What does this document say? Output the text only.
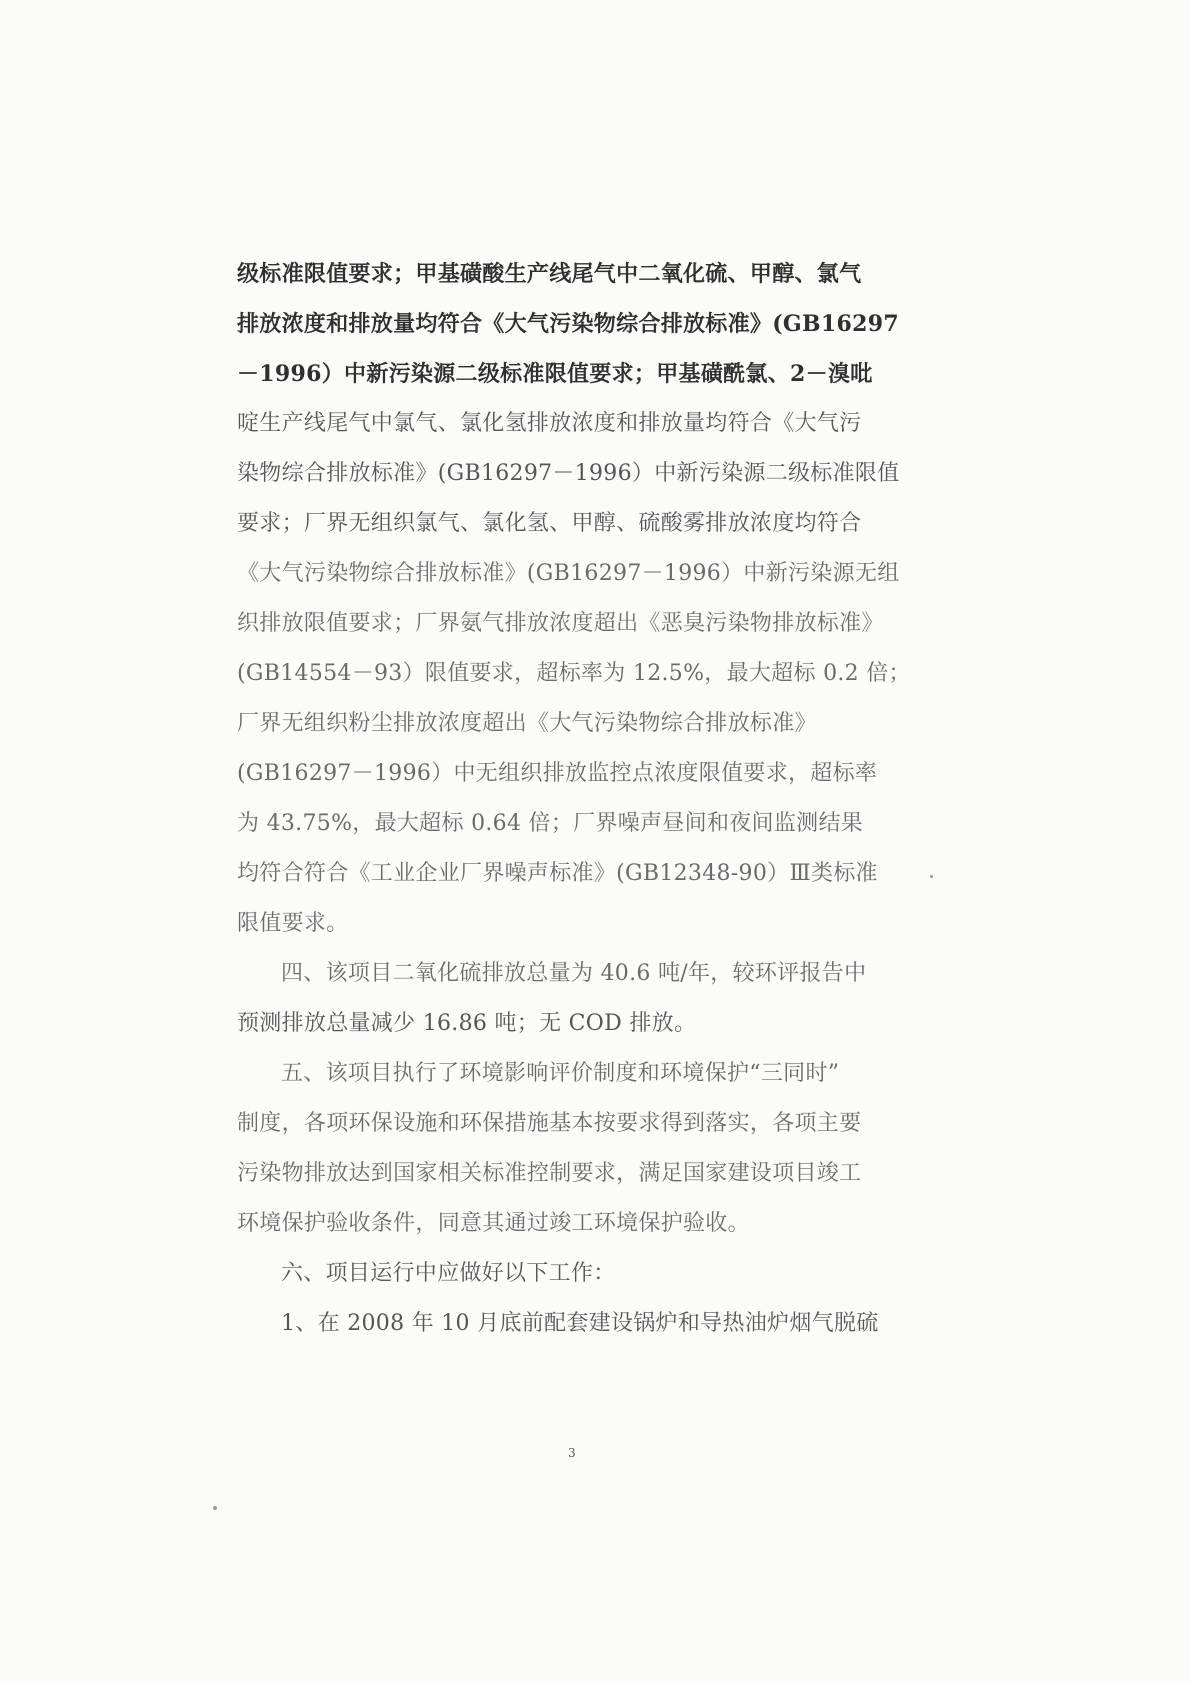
级标准限值要求；甲基磺酸生产线尾气中二氧化硫、甲醇、氯气
排放浓度和排放量均符合《大气污染物综合排放标准》(GB16297
－1996）中新污染源二级标准限值要求；甲基磺酰氯、2－溴吡
啶生产线尾气中氯气、氯化氢排放浓度和排放量均符合《大气污
染物综合排放标准》(GB16297－1996）中新污染源二级标准限值
要求；厂界无组织氯气、氯化氢、甲醇、硫酸雾排放浓度均符合
《大气污染物综合排放标准》(GB16297－1996）中新污染源无组
织排放限值要求；厂界氨气排放浓度超出《恶臭污染物排放标准》
(GB14554－93）限值要求，超标率为 12.5%，最大超标 0.2 倍；
厂界无组织粉尘排放浓度超出《大气污染物综合排放标准》
(GB16297－1996）中无组织排放监控点浓度限值要求，超标率
为 43.75%，最大超标 0.64 倍；厂界噪声昼间和夜间监测结果
均符合符合《工业企业厂界噪声标准》(GB12348-90）Ⅲ类标准
限值要求。
四、该项目二氧化硫排放总量为 40.6 吨/年，较环评报告中
预测排放总量减少 16.86 吨；无 COD 排放。
五、该项目执行了环境影响评价制度和环境保护“三同时”
制度，各项环保设施和环保措施基本按要求得到落实，各项主要
污染物排放达到国家相关标准控制要求，满足国家建设项目竣工
环境保护验收条件，同意其通过竣工环境保护验收。
六、项目运行中应做好以下工作：
1、在 2008 年 10 月底前配套建设锅炉和导热油炉烟气脱硫
3
